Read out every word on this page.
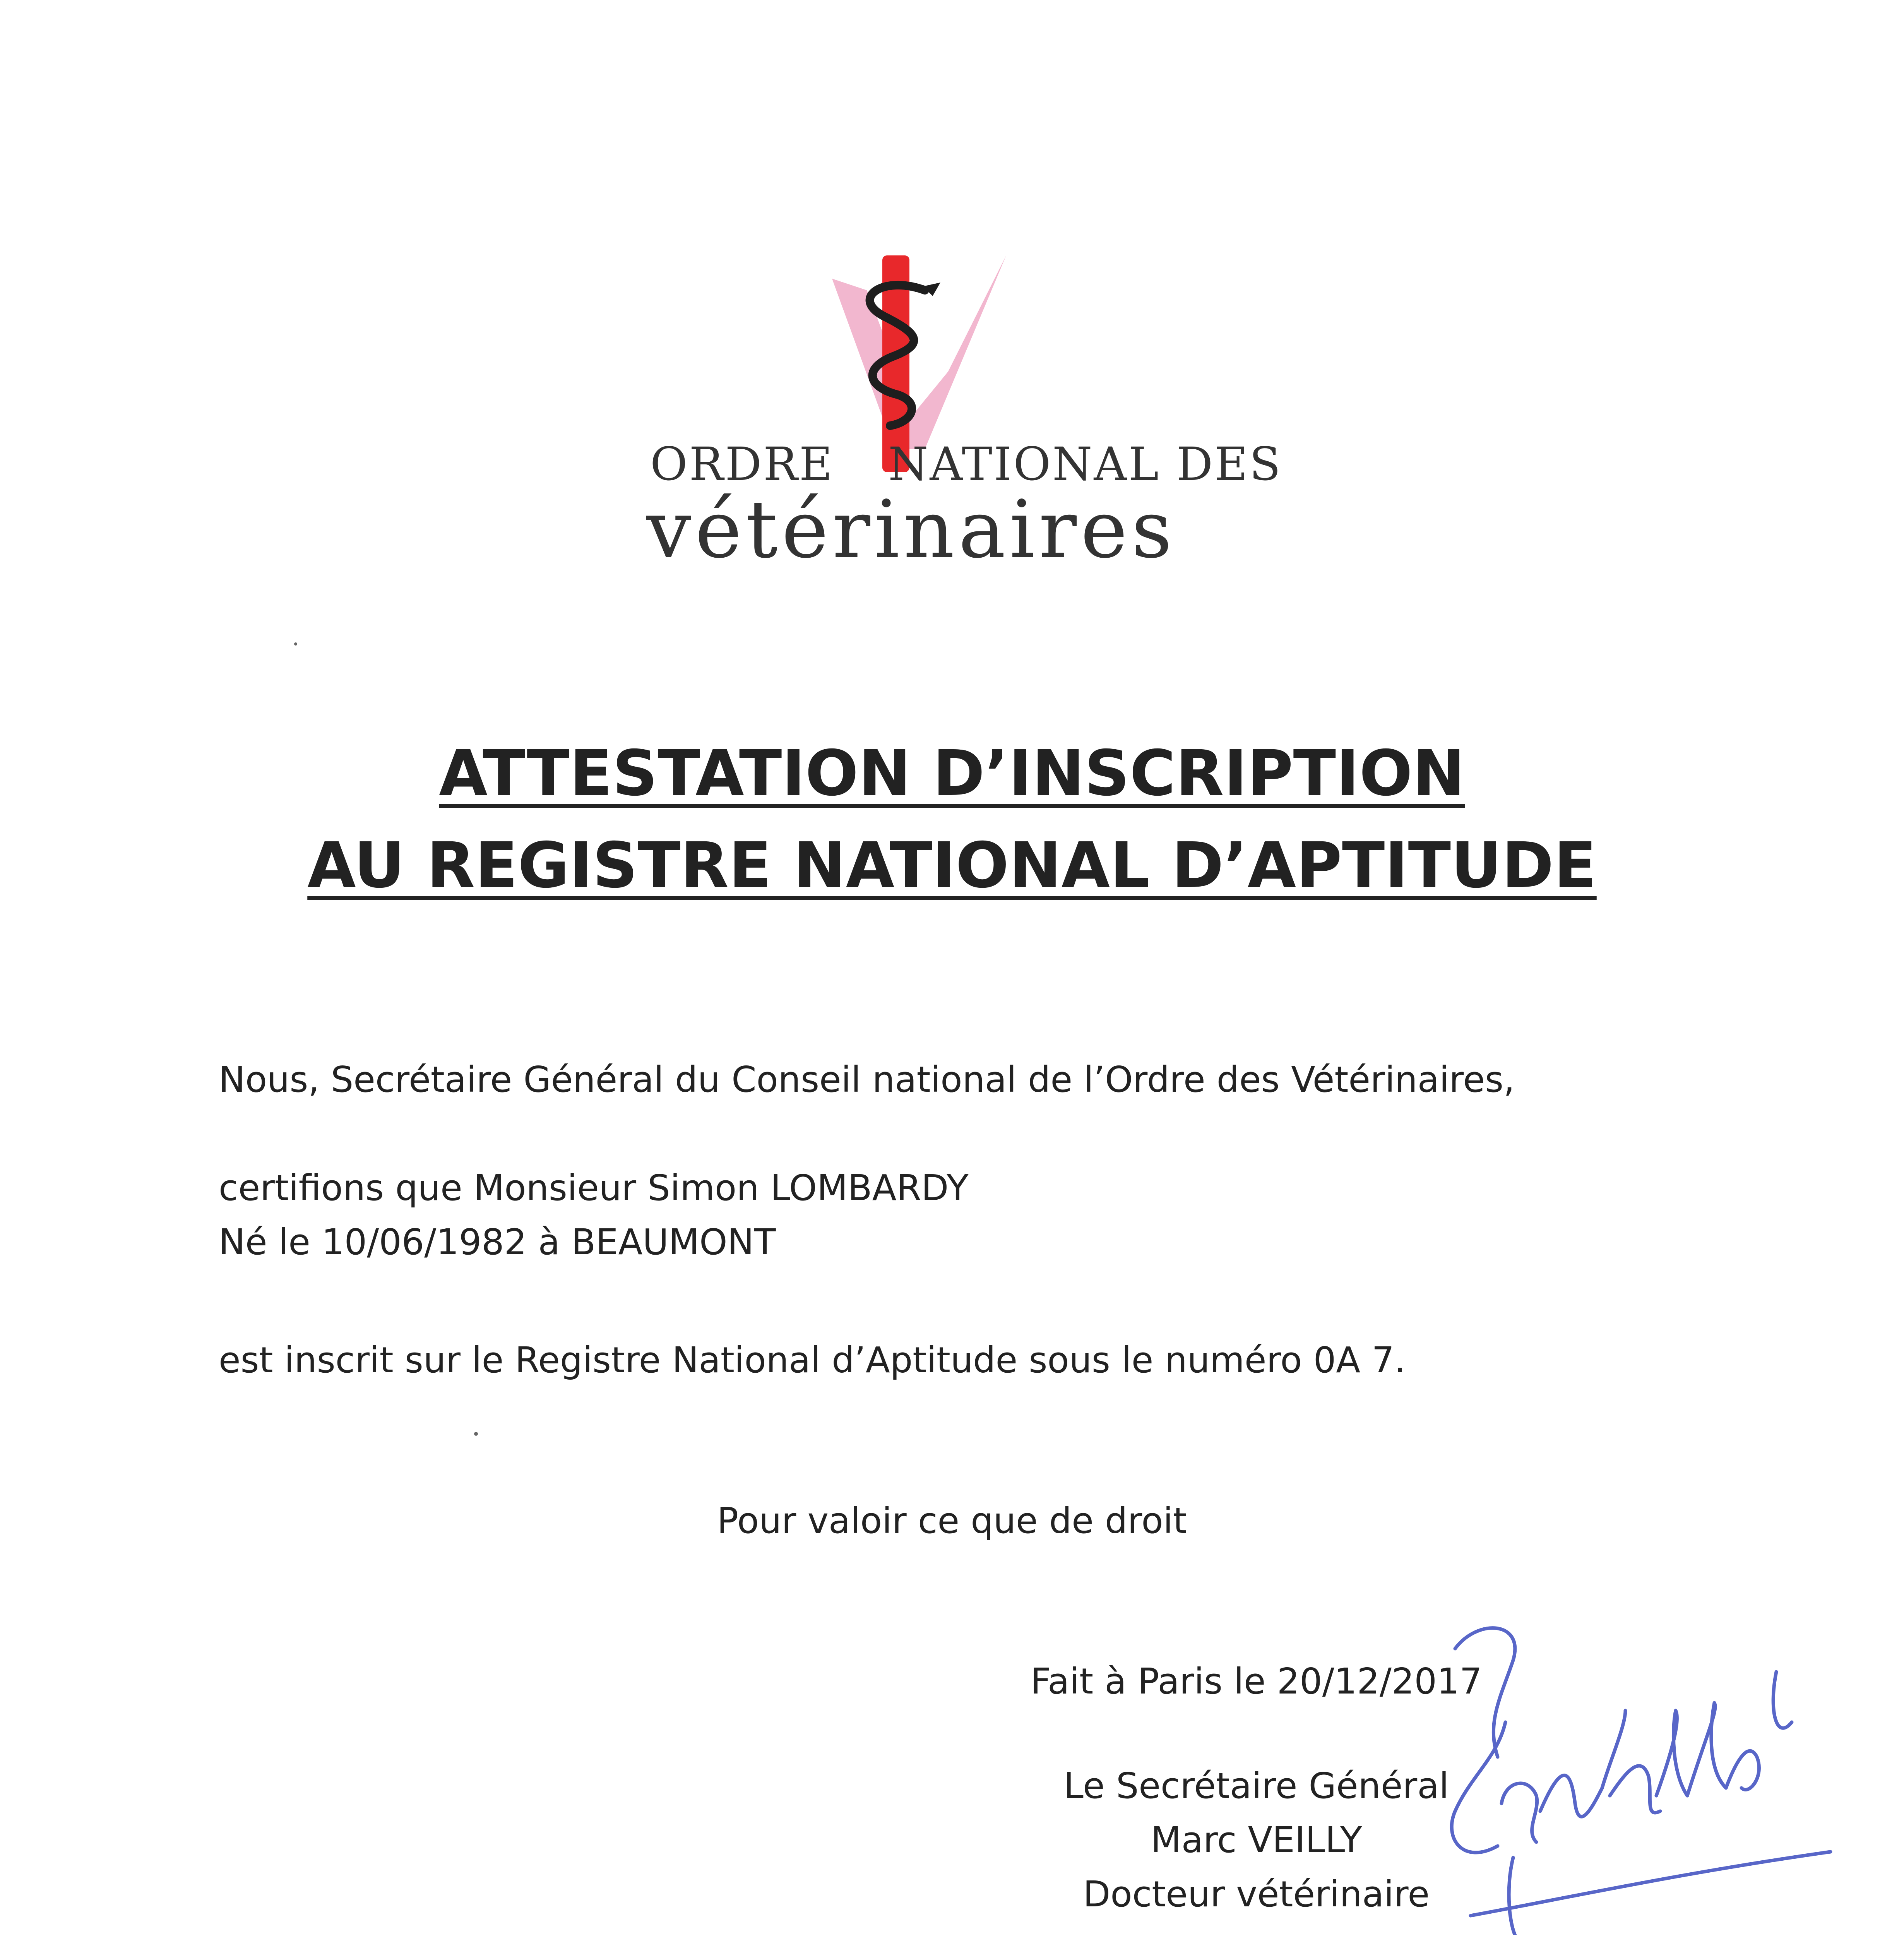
ORDRE NATIONAL DES
vétérinaires
ATTESTATION D’INSCRIPTION
AU REGISTRE NATIONAL D’APTITUDE
Nous, Secrétaire Général du Conseil national de l’Ordre des Vétérinaires,
certifions que Monsieur Simon LOMBARDY
Né le 10/06/1982 à BEAUMONT
est inscrit sur le Registre National d’Aptitude sous le numéro 0A 7.
Pour valoir ce que de droit
Fait à Paris le 20/12/2017
Le Secrétaire Général
Marc VEILLY
Docteur vétérinaire
